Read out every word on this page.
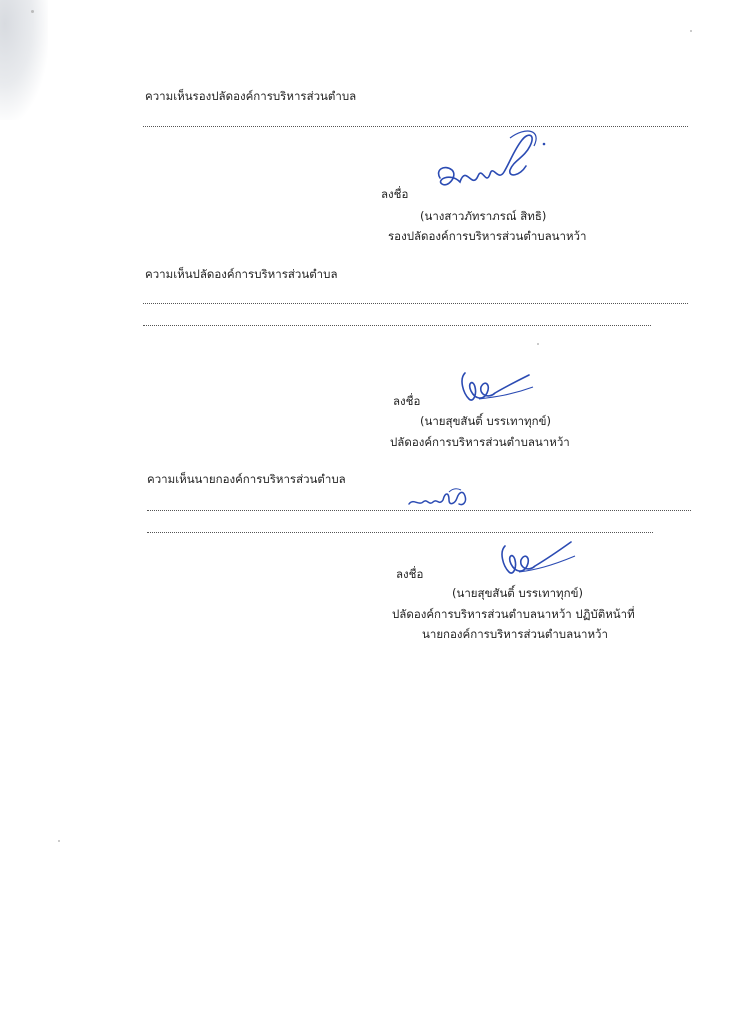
ความเห็นรองปลัดองค์การบริหารส่วนตำบล
ลงชื่อ
(นางสาวภัทราภรณ์ สิทธิ)
รองปลัดองค์การบริหารส่วนตำบลนาหว้า
ความเห็นปลัดองค์การบริหารส่วนตำบล
ลงชื่อ
(นายสุขสันติ์ บรรเทาทุกข์)
ปลัดองค์การบริหารส่วนตำบลนาหว้า
ความเห็นนายกองค์การบริหารส่วนตำบล
ลงชื่อ
(นายสุขสันติ์ บรรเทาทุกข์)
ปลัดองค์การบริหารส่วนตำบลนาหว้า ปฏิบัติหน้าที่
นายกองค์การบริหารส่วนตำบลนาหว้า
